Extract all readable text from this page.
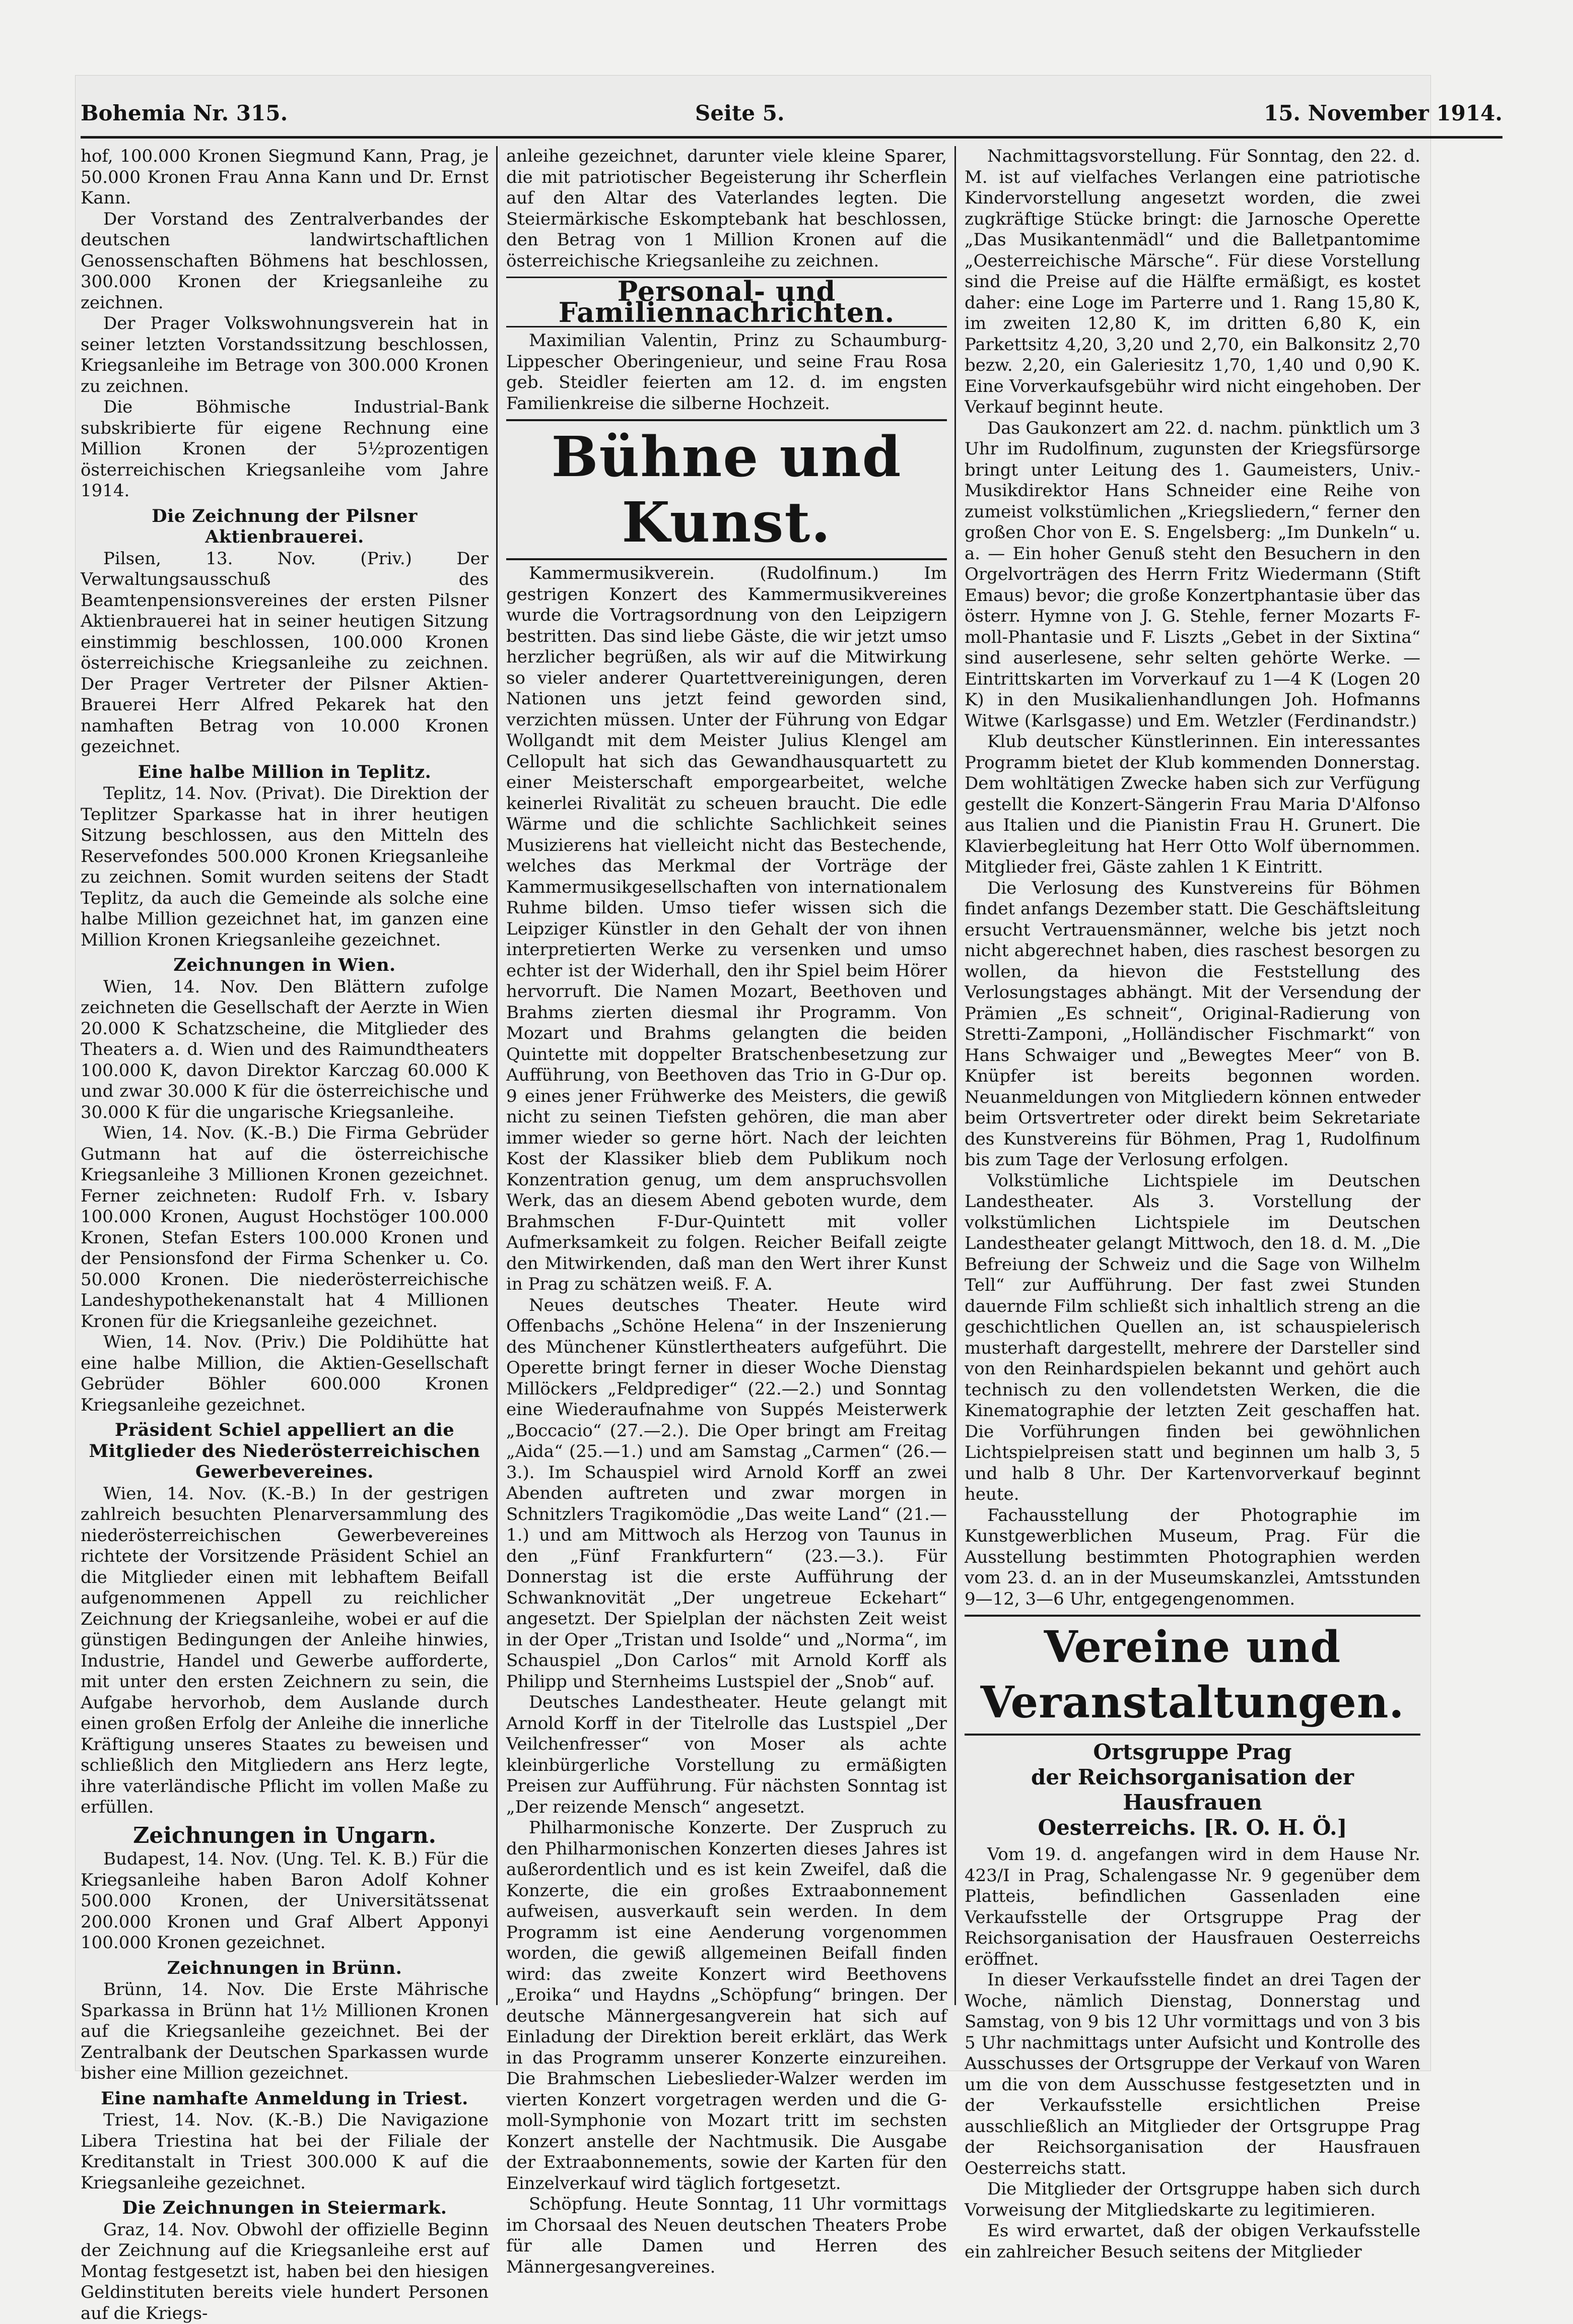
Bohemia Nr. 315.	Seite 5.	15. November 1914.

hof, 100.000 Kronen Siegmund Kann, Prag, je 50.000 Kronen Frau Anna Kann und Dr. Ernst Kann.

Der Vorstand des Zentralverbandes der deutschen landwirtschaftlichen Genossenschaften Böhmens hat beschlossen, 300.000 Kronen der Kriegsanleihe zu zeichnen.

Der Prager Volkswohnungsverein hat in seiner letzten Vorstandssitzung beschlossen, Kriegsanleihe im Betrage von 300.000 Kronen zu zeichnen.

Die Böhmische Industrial-Bank subskribierte für eigene Rechnung eine Million Kronen der 5½prozentigen österreichischen Kriegsanleihe vom Jahre 1914.

Die Zeichnung der Pilsner Aktienbrauerei.

Pilsen, 13. Nov. (Priv.) Der Verwaltungsausschuß des Beamtenpensionsvereines der ersten Pilsner Aktienbrauerei hat in seiner heutigen Sitzung einstimmig beschlossen, 100.000 Kronen österreichische Kriegsanleihe zu zeichnen. Der Prager Vertreter der Pilsner Aktien-Brauerei Herr Alfred Pekarek hat den namhaften Betrag von 10.000 Kronen gezeichnet.

Eine halbe Million in Teplitz.

Teplitz, 14. Nov. (Privat). Die Direktion der Teplitzer Sparkasse hat in ihrer heutigen Sitzung beschlossen, aus den Mitteln des Reservefondes 500.000 Kronen Kriegsanleihe zu zeichnen. Somit wurden seitens der Stadt Teplitz, da auch die Gemeinde als solche eine halbe Million gezeichnet hat, im ganzen eine Million Kronen Kriegsanleihe gezeichnet.

Zeichnungen in Wien.

Wien, 14. Nov. Den Blättern zufolge zeichneten die Gesellschaft der Aerzte in Wien 20.000 K Schatzscheine, die Mitglieder des Theaters a. d. Wien und des Raimundtheaters 100.000 K, davon Direktor Karczag 60.000 K und zwar 30.000 K für die österreichische und 30.000 K für die ungarische Kriegsanleihe.

Wien, 14. Nov. (K.-B.) Die Firma Gebrüder Gutmann hat auf die österreichische Kriegsanleihe 3 Millionen Kronen gezeichnet. Ferner zeichneten: Rudolf Frh. v. Isbary 100.000 Kronen, August Hochstöger 100.000 Kronen, Stefan Esters 100.000 Kronen und der Pensionsfond der Firma Schenker u. Co. 50.000 Kronen. Die niederösterreichische Landeshypothekenanstalt hat 4 Millionen Kronen für die Kriegsanleihe gezeichnet.

Wien, 14. Nov. (Priv.) Die Poldihütte hat eine halbe Million, die Aktien-Gesellschaft Gebrüder Böhler 600.000 Kronen Kriegsanleihe gezeichnet.

Präsident Schiel appelliert an die Mitglieder des Niederösterreichischen Gewerbevereines.

Wien, 14. Nov. (K.-B.) In der gestrigen zahlreich besuchten Plenarversammlung des niederösterreichischen Gewerbevereines richtete der Vorsitzende Präsident Schiel an die Mitglieder einen mit lebhaftem Beifall aufgenommenen Appell zu reichlicher Zeichnung der Kriegsanleihe, wobei er auf die günstigen Bedingungen der Anleihe hinwies, Industrie, Handel und Gewerbe aufforderte, mit unter den ersten Zeichnern zu sein, die Aufgabe hervorhob, dem Auslande durch einen großen Erfolg der Anleihe die innerliche Kräftigung unseres Staates zu beweisen und schließlich den Mitgliedern ans Herz legte, ihre vaterländische Pflicht im vollen Maße zu erfüllen.

Zeichnungen in Ungarn.

Budapest, 14. Nov. (Ung. Tel. K. B.) Für die Kriegsanleihe haben Baron Adolf Kohner 500.000 Kronen, der Universitätssenat 200.000 Kronen und Graf Albert Apponyi 100.000 Kronen gezeichnet.

Zeichnungen in Brünn.

Brünn, 14. Nov. Die Erste Mährische Sparkassa in Brünn hat 1½ Millionen Kronen auf die Kriegsanleihe gezeichnet. Bei der Zentralbank der Deutschen Sparkassen wurde bisher eine Million gezeichnet.

Eine namhafte Anmeldung in Triest.

Triest, 14. Nov. (K.-B.) Die Navigazione Libera Triestina hat bei der Filiale der Kreditanstalt in Triest 300.000 K auf die Kriegsanleihe gezeichnet.

Die Zeichnungen in Steiermark.

Graz, 14. Nov. Obwohl der offizielle Beginn der Zeichnung auf die Kriegsanleihe erst auf Montag festgesetzt ist, haben bei den hiesigen Geldinstituten bereits viele hundert Personen auf die Kriegs-

anleihe gezeichnet, darunter viele kleine Sparer, die mit patriotischer Begeisterung ihr Scherflein auf den Altar des Vaterlandes legten. Die Steiermärkische Eskomptebank hat beschlossen, den Betrag von 1 Million Kronen auf die österreichische Kriegsanleihe zu zeichnen.

Personal- und Familiennachrichten.

Maximilian Valentin, Prinz zu Schaumburg-Lippescher Oberingenieur, und seine Frau Rosa geb. Steidler feierten am 12. d. im engsten Familienkreise die silberne Hochzeit.

Bühne und Kunst.

Kammermusikverein. (Rudolfinum.) Im gestrigen Konzert des Kammermusikvereines wurde die Vortragsordnung von den Leipzigern bestritten. Das sind liebe Gäste, die wir jetzt umso herzlicher begrüßen, als wir auf die Mitwirkung so vieler anderer Quartettvereinigungen, deren Nationen uns jetzt feind geworden sind, verzichten müssen. Unter der Führung von Edgar Wollgandt mit dem Meister Julius Klengel am Cellopult hat sich das Gewandhausquartett zu einer Meisterschaft emporgearbeitet, welche keinerlei Rivalität zu scheuen braucht. Die edle Wärme und die schlichte Sachlichkeit seines Musizierens hat vielleicht nicht das Bestechende, welches das Merkmal der Vorträge der Kammermusikgesellschaften von internationalem Ruhme bilden. Umso tiefer wissen sich die Leipziger Künstler in den Gehalt der von ihnen interpretierten Werke zu versenken und umso echter ist der Widerhall, den ihr Spiel beim Hörer hervorruft. Die Namen Mozart, Beethoven und Brahms zierten diesmal ihr Programm. Von Mozart und Brahms gelangten die beiden Quintette mit doppelter Bratschenbesetzung zur Aufführung, von Beethoven das Trio in G-Dur op. 9 eines jener Frühwerke des Meisters, die gewiß nicht zu seinen Tiefsten gehören, die man aber immer wieder so gerne hört. Nach der leichten Kost der Klassiker blieb dem Publikum noch Konzentration genug, um dem anspruchsvollen Werk, das an diesem Abend geboten wurde, dem Brahmschen F-Dur-Quintett mit voller Aufmerksamkeit zu folgen. Reicher Beifall zeigte den Mitwirkenden, daß man den Wert ihrer Kunst in Prag zu schätzen weiß. F. A.

Neues deutsches Theater. Heute wird Offenbachs „Schöne Helena“ in der Inszenierung des Münchener Künstlertheaters aufgeführt. Die Operette bringt ferner in dieser Woche Dienstag Millöckers „Feldprediger“ (22.—2.) und Sonntag eine Wiederaufnahme von Suppés Meisterwerk „Boccacio“ (27.—2.). Die Oper bringt am Freitag „Aida“ (25.—1.) und am Samstag „Carmen“ (26.—3.). Im Schauspiel wird Arnold Korff an zwei Abenden auftreten und zwar morgen in Schnitzlers Tragikomödie „Das weite Land“ (21.—1.) und am Mittwoch als Herzog von Taunus in den „Fünf Frankfurtern“ (23.—3.). Für Donnerstag ist die erste Aufführung der Schwanknovität „Der ungetreue Eckehart“ angesetzt. Der Spielplan der nächsten Zeit weist in der Oper „Tristan und Isolde“ und „Norma“, im Schauspiel „Don Carlos“ mit Arnold Korff als Philipp und Sternheims Lustspiel der „Snob“ auf.

Deutsches Landestheater. Heute gelangt mit Arnold Korff in der Titelrolle das Lustspiel „Der Veilchenfresser“ von Moser als achte kleinbürgerliche Vorstellung zu ermäßigten Preisen zur Aufführung. Für nächsten Sonntag ist „Der reizende Mensch“ angesetzt.

Philharmonische Konzerte. Der Zuspruch zu den Philharmonischen Konzerten dieses Jahres ist außerordentlich und es ist kein Zweifel, daß die Konzerte, die ein großes Extraabonnement aufweisen, ausverkauft sein werden. In dem Programm ist eine Aenderung vorgenommen worden, die gewiß allgemeinen Beifall finden wird: das zweite Konzert wird Beethovens „Eroika“ und Haydns „Schöpfung“ bringen. Der deutsche Männergesangverein hat sich auf Einladung der Direktion bereit erklärt, das Werk in das Programm unserer Konzerte einzureihen. Die Brahmschen Liebeslieder-Walzer werden im vierten Konzert vorgetragen werden und die G-moll-Symphonie von Mozart tritt im sechsten Konzert anstelle der Nachtmusik. Die Ausgabe der Extraabonnements, sowie der Karten für den Einzelverkauf wird täglich fortgesetzt.

Schöpfung. Heute Sonntag, 11 Uhr vormittags im Chorsaal des Neuen deutschen Theaters Probe für alle Damen und Herren des Männergesangvereines.

Nachmittagsvorstellung. Für Sonntag, den 22. d. M. ist auf vielfaches Verlangen eine patriotische Kindervorstellung angesetzt worden, die zwei zugkräftige Stücke bringt: die Jarnosche Operette „Das Musikantenmädl“ und die Balletpantomime „Oesterreichische Märsche“. Für diese Vorstellung sind die Preise auf die Hälfte ermäßigt, es kostet daher: eine Loge im Parterre und 1. Rang 15,80 K, im zweiten 12,80 K, im dritten 6,80 K, ein Parkettsitz 4,20, 3,20 und 2,70, ein Balkonsitz 2,70 bezw. 2,20, ein Galeriesitz 1,70, 1,40 und 0,90 K. Eine Vorverkaufsgebühr wird nicht eingehoben. Der Verkauf beginnt heute.

Das Gaukonzert am 22. d. nachm. pünktlich um 3 Uhr im Rudolfinum, zugunsten der Kriegsfürsorge bringt unter Leitung des 1. Gaumeisters, Univ.-Musikdirektor Hans Schneider eine Reihe von zumeist volkstümlichen „Kriegsliedern,“ ferner den großen Chor von E. S. Engelsberg: „Im Dunkeln“ u. a. — Ein hoher Genuß steht den Besuchern in den Orgelvorträgen des Herrn Fritz Wiedermann (Stift Emaus) bevor; die große Konzertphantasie über das österr. Hymne von J. G. Stehle, ferner Mozarts F-moll-Phantasie und F. Liszts „Gebet in der Sixtina“ sind auserlesene, sehr selten gehörte Werke. — Eintrittskarten im Vorverkauf zu 1—4 K (Logen 20 K) in den Musikalienhandlungen Joh. Hofmanns Witwe (Karlsgasse) und Em. Wetzler (Ferdinandstr.)

Klub deutscher Künstlerinnen. Ein interessantes Programm bietet der Klub kommenden Donnerstag. Dem wohltätigen Zwecke haben sich zur Verfügung gestellt die Konzert-Sängerin Frau Maria D'Alfonso aus Italien und die Pianistin Frau H. Grunert. Die Klavierbegleitung hat Herr Otto Wolf übernommen. Mitglieder frei, Gäste zahlen 1 K Eintritt.

Die Verlosung des Kunstvereins für Böhmen findet anfangs Dezember statt. Die Geschäftsleitung ersucht Vertrauensmänner, welche bis jetzt noch nicht abgerechnet haben, dies raschest besorgen zu wollen, da hievon die Feststellung des Verlosungstages abhängt. Mit der Versendung der Prämien „Es schneit“, Original-Radierung von Stretti-Zamponi, „Holländischer Fischmarkt“ von Hans Schwaiger und „Bewegtes Meer“ von B. Knüpfer ist bereits begonnen worden. Neuanmeldungen von Mitgliedern können entweder beim Ortsvertreter oder direkt beim Sekretariate des Kunstvereins für Böhmen, Prag 1, Rudolfinum bis zum Tage der Verlosung erfolgen.

Volkstümliche Lichtspiele im Deutschen Landestheater. Als 3. Vorstellung der volkstümlichen Lichtspiele im Deutschen Landestheater gelangt Mittwoch, den 18. d. M. „Die Befreiung der Schweiz und die Sage von Wilhelm Tell“ zur Aufführung. Der fast zwei Stunden dauernde Film schließt sich inhaltlich streng an die geschichtlichen Quellen an, ist schauspielerisch musterhaft dargestellt, mehrere der Darsteller sind von den Reinhardspielen bekannt und gehört auch technisch zu den vollendetsten Werken, die die Kinematographie der letzten Zeit geschaffen hat. Die Vorführungen finden bei gewöhnlichen Lichtspielpreisen statt und beginnen um halb 3, 5 und halb 8 Uhr. Der Kartenvorverkauf beginnt heute.

Fachausstellung der Photographie im Kunstgewerblichen Museum, Prag. Für die Ausstellung bestimmten Photographien werden vom 23. d. an in der Museumskanzlei, Amtsstunden 9—12, 3—6 Uhr, entgegengenommen.

Vereine und Veranstaltungen.
Ortsgruppe Prag
der Reichsorganisation der Hausfrauen
Oesterreichs. [R. O. H. Ö.]

Vom 19. d. angefangen wird in dem Hause Nr. 423/I in Prag, Schalengasse Nr. 9 gegenüber dem Platteis, befindlichen Gassenladen eine Verkaufsstelle der Ortsgruppe Prag der Reichsorganisation der Hausfrauen Oesterreichs eröffnet.

In dieser Verkaufsstelle findet an drei Tagen der Woche, nämlich Dienstag, Donnerstag und Samstag, von 9 bis 12 Uhr vormittags und von 3 bis 5 Uhr nachmittags unter Aufsicht und Kontrolle des Ausschusses der Ortsgruppe der Verkauf von Waren um die von dem Ausschusse festgesetzten und in der Verkaufsstelle ersichtlichen Preise ausschließlich an Mitglieder der Ortsgruppe Prag der Reichsorganisation der Hausfrauen Oesterreichs statt.

Die Mitglieder der Ortsgruppe haben sich durch Vorweisung der Mitgliedskarte zu legitimieren.

Es wird erwartet, daß der obigen Verkaufsstelle ein zahlreicher Besuch seitens der Mitglieder
